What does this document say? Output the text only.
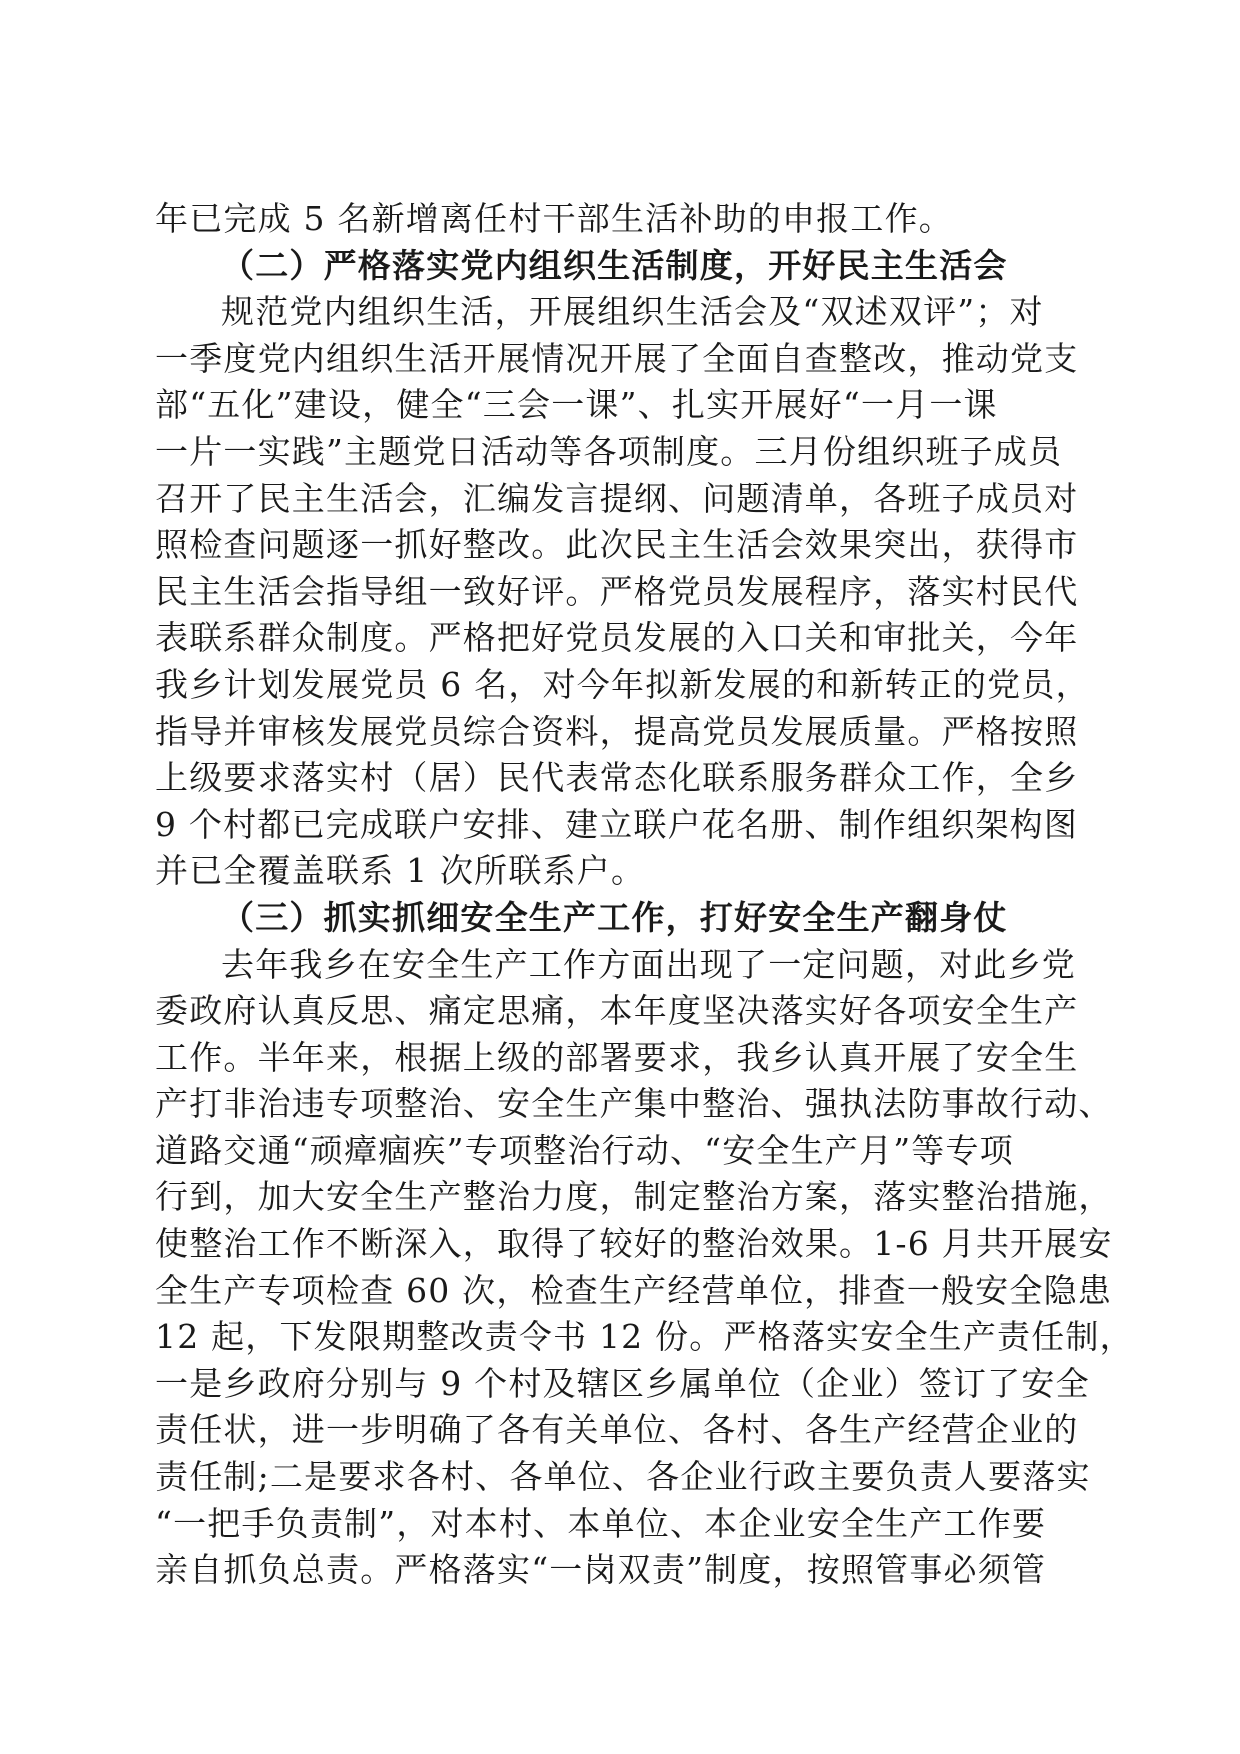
年已完成 5 名新增离任村干部生活补助的申报工作。
（二）严格落实党内组织生活制度，开好民主生活会
规范党内组织生活，开展组织生活会及“双述双评”；对
一季度党内组织生活开展情况开展了全面自查整改，推动党支
部“五化”建设，健全“三会一课”、扎实开展好“一月一课
一片一实践”主题党日活动等各项制度。三月份组织班子成员
召开了民主生活会，汇编发言提纲、问题清单，各班子成员对
照检查问题逐一抓好整改。此次民主生活会效果突出，获得市
民主生活会指导组一致好评。严格党员发展程序，落实村民代
表联系群众制度。严格把好党员发展的入口关和审批关，今年
我乡计划发展党员 6 名，对今年拟新发展的和新转正的党员，
指导并审核发展党员综合资料，提高党员发展质量。严格按照
上级要求落实村（居）民代表常态化联系服务群众工作，全乡
9 个村都已完成联户安排、建立联户花名册、制作组织架构图
并已全覆盖联系 1 次所联系户。
（三）抓实抓细安全生产工作，打好安全生产翻身仗
去年我乡在安全生产工作方面出现了一定问题，对此乡党
委政府认真反思、痛定思痛，本年度坚决落实好各项安全生产
工作。半年来，根据上级的部署要求，我乡认真开展了安全生
产打非治违专项整治、安全生产集中整治、强执法防事故行动、
道路交通“顽瘴痼疾”专项整治行动、“安全生产月”等专项
行到，加大安全生产整治力度，制定整治方案，落实整治措施，
使整治工作不断深入，取得了较好的整治效果。1-6 月共开展安
全生产专项检查 60 次，检查生产经营单位，排查一般安全隐患
12 起，下发限期整改责令书 12 份。严格落实安全生产责任制，
一是乡政府分别与 9 个村及辖区乡属单位（企业）签订了安全
责任状，进一步明确了各有关单位、各村、各生产经营企业的
责任制;二是要求各村、各单位、各企业行政主要负责人要落实
“一把手负责制”，对本村、本单位、本企业安全生产工作要
亲自抓负总责。严格落实“一岗双责”制度，按照管事必须管
